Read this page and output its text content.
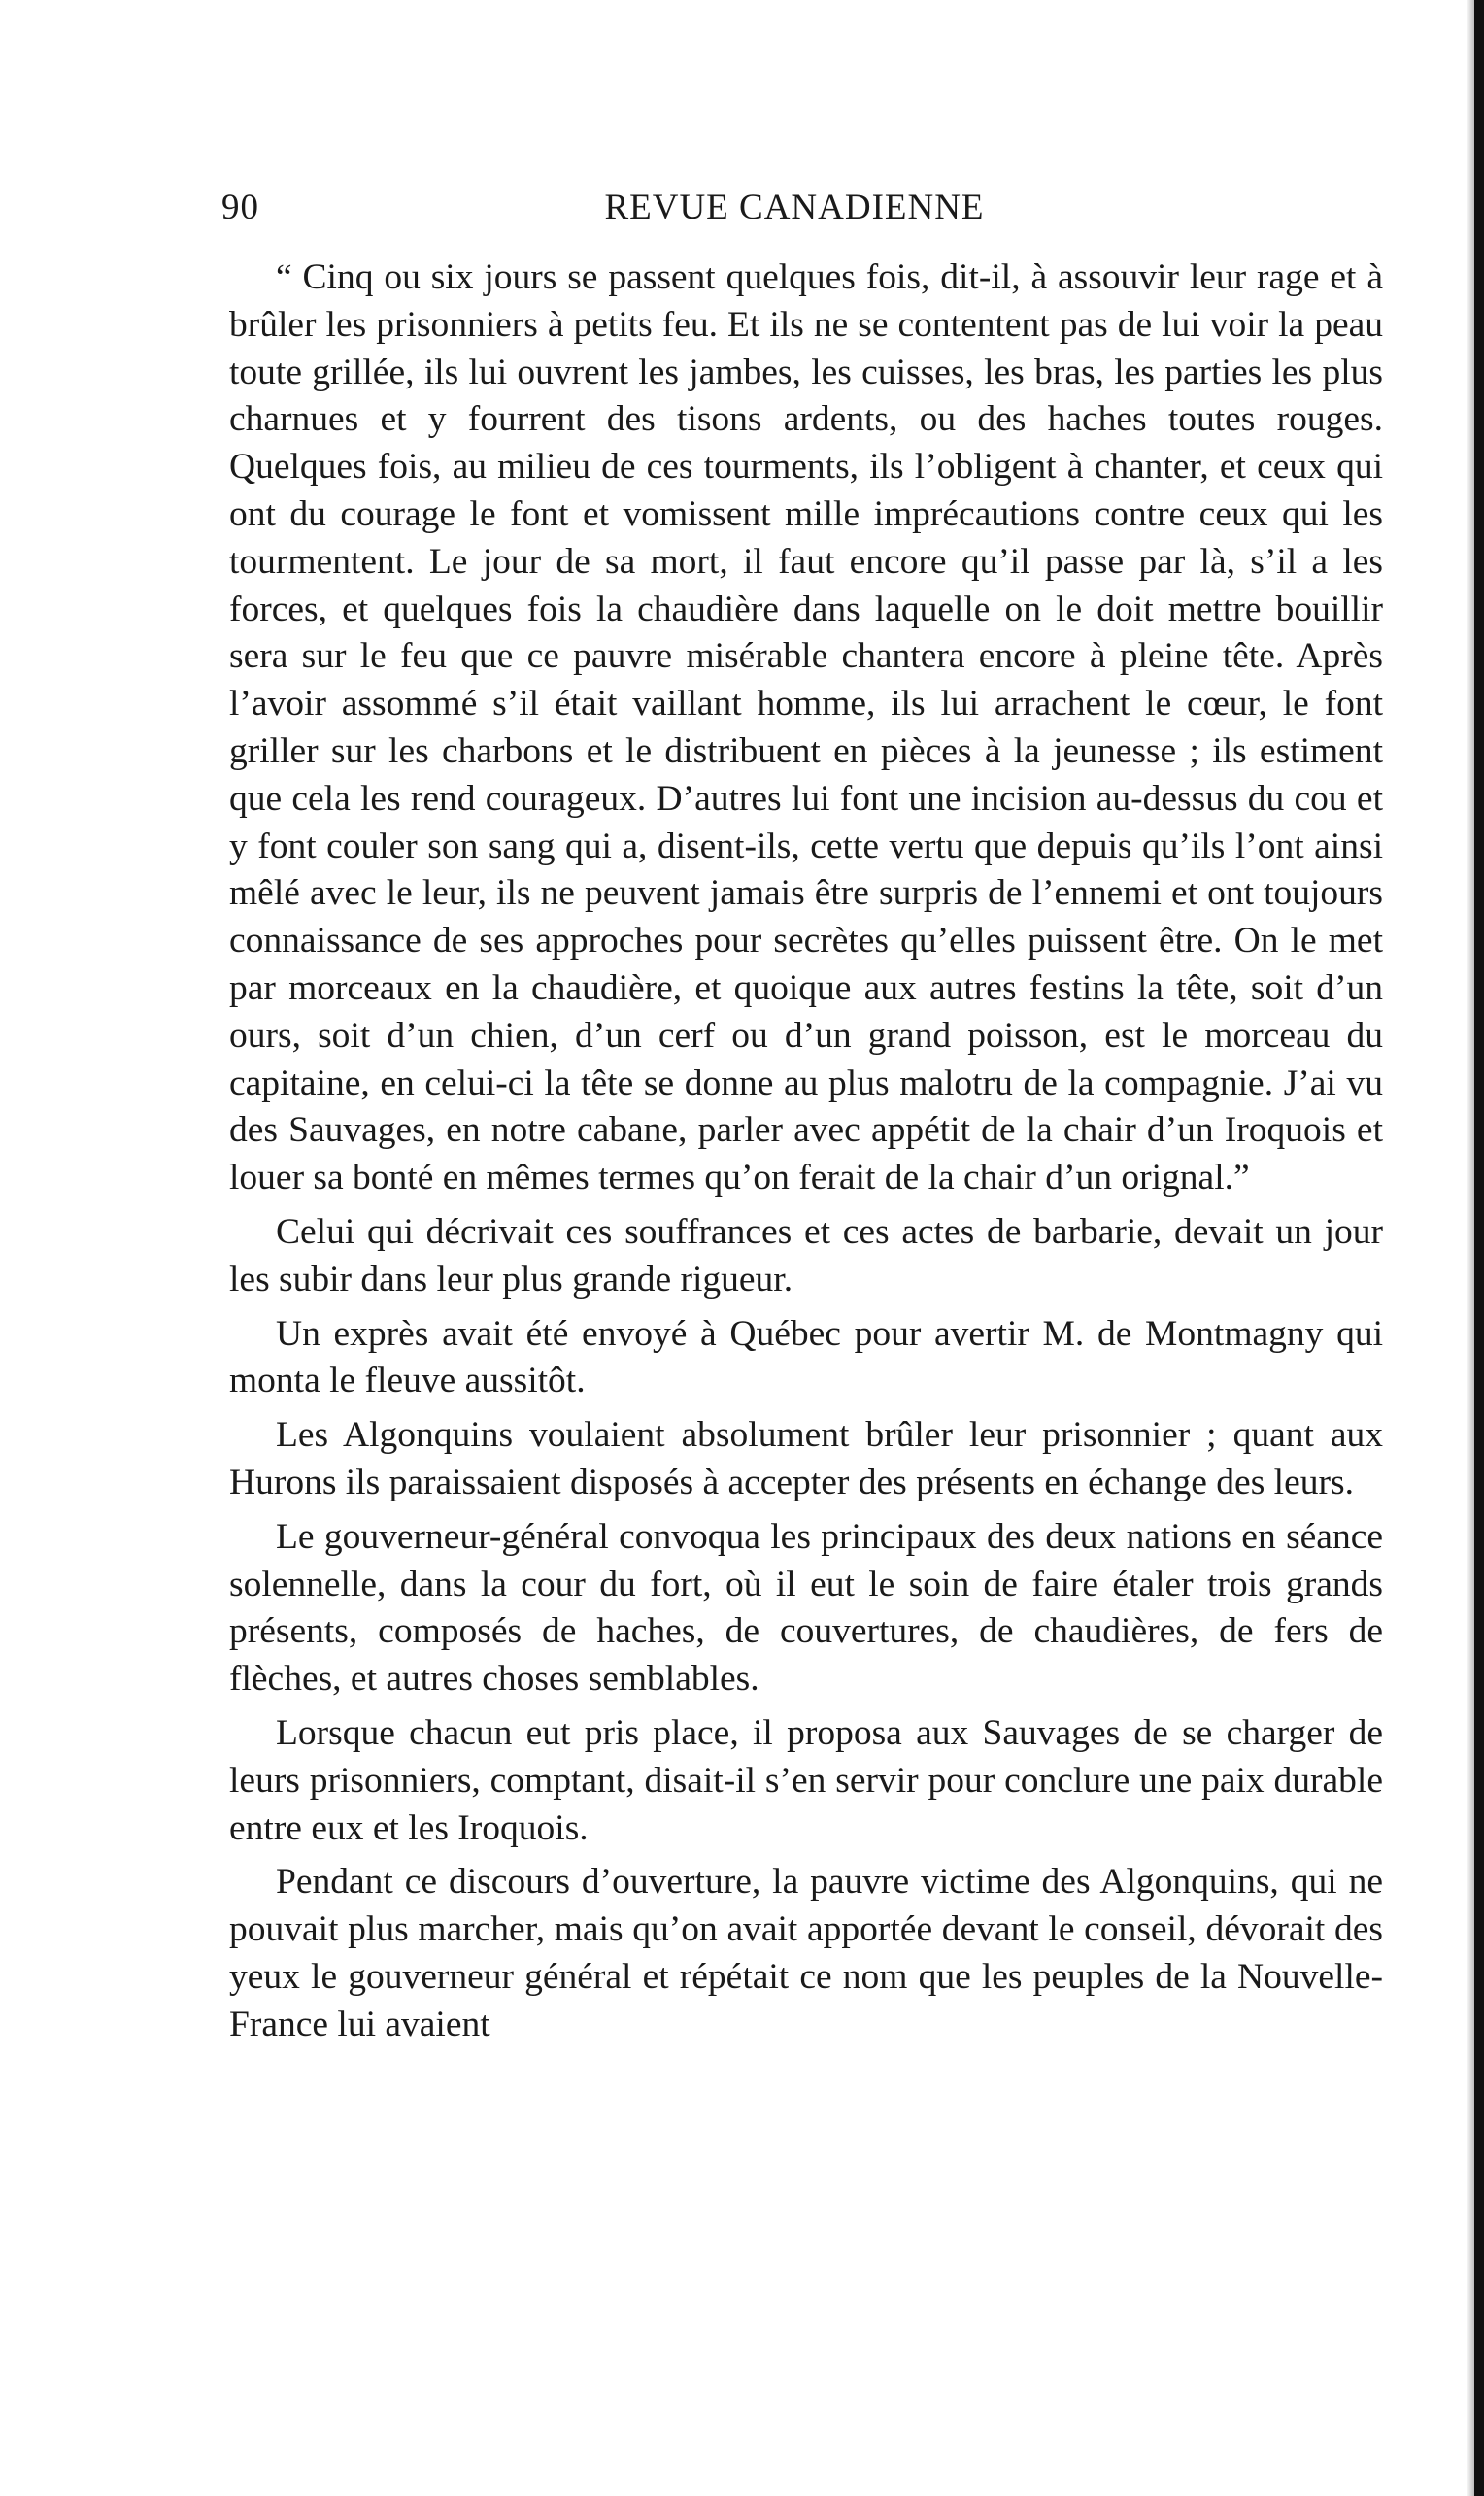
90	REVUE CANADIENNE

“ Cinq ou six jours se passent quelques fois, dit-il, à assouvir leur rage et à brûler les prisonniers à petits feu. Et ils ne se contentent pas de lui voir la peau toute grillée, ils lui ouvrent les jambes, les cuisses, les bras, les parties les plus charnues et y fourrent des tisons ardents, ou des haches toutes rouges. Quelques fois, au milieu de ces tourments, ils l’obligent à chanter, et ceux qui ont du courage le font et vomissent mille imprécautions contre ceux qui les tourmentent. Le jour de sa mort, il faut encore qu’il passe par là, s’il a les forces, et quelques fois la chaudière dans laquelle on le doit mettre bouillir sera sur le feu que ce pauvre misérable chantera encore à pleine tête. Après l’avoir assommé s’il était vaillant homme, ils lui arrachent le cœur, le font griller sur les charbons et le distribuent en pièces à la jeunesse ; ils estiment que cela les rend courageux. D’autres lui font une incision au-dessus du cou et y font couler son sang qui a, disent-ils, cette vertu que depuis qu’ils l’ont ainsi mêlé avec le leur, ils ne peuvent jamais être surpris de l’ennemi et ont toujours connaissance de ses approches pour secrètes qu’elles puissent être. On le met par morceaux en la chaudière, et quoique aux autres festins la tête, soit d’un ours, soit d’un chien, d’un cerf ou d’un grand poisson, est le morceau du capitaine, en celui-ci la tête se donne au plus malotru de la compagnie. J’ai vu des Sauvages, en notre cabane, parler avec appétit de la chair d’un Iroquois et louer sa bonté en mêmes termes qu’on ferait de la chair d’un orignal.”

Celui qui décrivait ces souffrances et ces actes de barbarie, devait un jour les subir dans leur plus grande rigueur.

Un exprès avait été envoyé à Québec pour avertir M. de Montmagny qui monta le fleuve aussitôt.

Les Algonquins voulaient absolument brûler leur prisonnier ; quant aux Hurons ils paraissaient disposés à accepter des présents en échange des leurs.

Le gouverneur-général convoqua les principaux des deux nations en séance solennelle, dans la cour du fort, où il eut le soin de faire étaler trois grands présents, composés de haches, de couvertures, de chaudières, de fers de flèches, et autres choses semblables.

Lorsque chacun eut pris place, il proposa aux Sauvages de se charger de leurs prisonniers, comptant, disait-il s’en servir pour conclure une paix durable entre eux et les Iroquois.

Pendant ce discours d’ouverture, la pauvre victime des Algonquins, qui ne pouvait plus marcher, mais qu’on avait apportée devant le conseil, dévorait des yeux le gouverneur général et répétait ce nom que les peuples de la Nouvelle-France lui avaient
